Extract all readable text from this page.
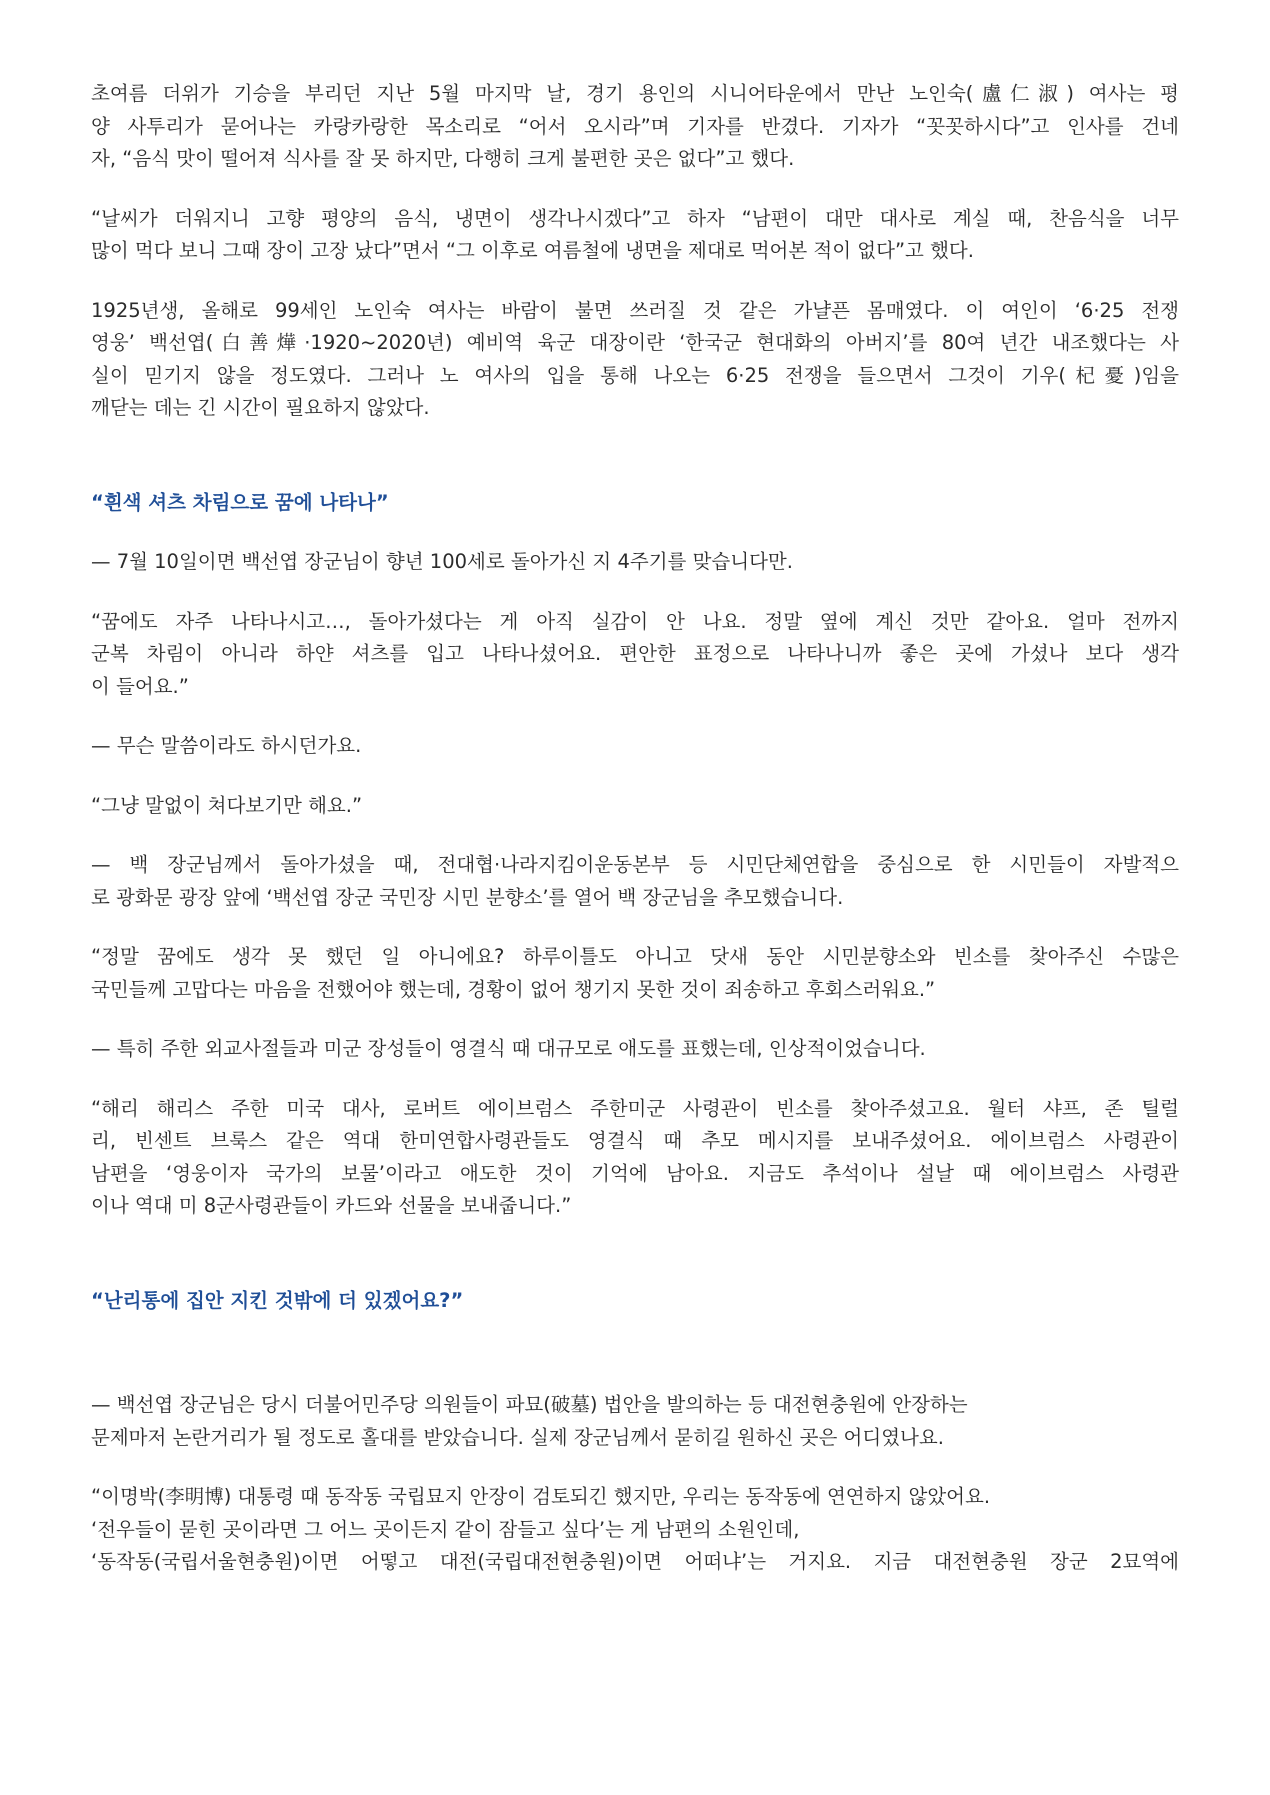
초여름 더위가 기승을 부리던 지난 5월 마지막 날, 경기 용인의 시니어타운에서 만난 노인숙(盧仁淑) 여사는 평
양 사투리가 묻어나는 카랑카랑한 목소리로 “어서 오시라”며 기자를 반겼다. 기자가 “꼿꼿하시다”고 인사를 건네
자, “음식 맛이 떨어져 식사를 잘 못 하지만, 다행히 크게 불편한 곳은 없다”고 했다.
“날씨가 더워지니 고향 평양의 음식, 냉면이 생각나시겠다”고 하자 “남편이 대만 대사로 계실 때, 찬음식을 너무
많이 먹다 보니 그때 장이 고장 났다”면서 “그 이후로 여름철에 냉면을 제대로 먹어본 적이 없다”고 했다.
1925년생, 올해로 99세인 노인숙 여사는 바람이 불면 쓰러질 것 같은 가냘픈 몸매였다. 이 여인이 ‘6·25 전쟁
영웅’ 백선엽(白善燁·1920~2020년) 예비역 육군 대장이란 ‘한국군 현대화의 아버지’를 80여 년간 내조했다는 사
실이 믿기지 않을 정도였다. 그러나 노 여사의 입을 통해 나오는 6·25 전쟁을 들으면서 그것이 기우(杞憂)임을
깨닫는 데는 긴 시간이 필요하지 않았다.
“흰색 셔츠 차림으로 꿈에 나타나”
— 7월 10일이면 백선엽 장군님이 향년 100세로 돌아가신 지 4주기를 맞습니다만.
“꿈에도 자주 나타나시고…, 돌아가셨다는 게 아직 실감이 안 나요. 정말 옆에 계신 것만 같아요. 얼마 전까지
군복 차림이 아니라 하얀 셔츠를 입고 나타나셨어요. 편안한 표정으로 나타나니까 좋은 곳에 가셨나 보다 생각
이 들어요.”
— 무슨 말씀이라도 하시던가요.
“그냥 말없이 쳐다보기만 해요.”
— 백 장군님께서 돌아가셨을 때, 전대협·나라지킴이운동본부 등 시민단체연합을 중심으로 한 시민들이 자발적으
로 광화문 광장 앞에 ‘백선엽 장군 국민장 시민 분향소’를 열어 백 장군님을 추모했습니다.
“정말 꿈에도 생각 못 했던 일 아니에요? 하루이틀도 아니고 닷새 동안 시민분향소와 빈소를 찾아주신 수많은
국민들께 고맙다는 마음을 전했어야 했는데, 경황이 없어 챙기지 못한 것이 죄송하고 후회스러워요.”
— 특히 주한 외교사절들과 미군 장성들이 영결식 때 대규모로 애도를 표했는데, 인상적이었습니다.
“해리 해리스 주한 미국 대사, 로버트 에이브럼스 주한미군 사령관이 빈소를 찾아주셨고요. 월터 샤프, 존 틸럴
리, 빈센트 브룩스 같은 역대 한미연합사령관들도 영결식 때 추모 메시지를 보내주셨어요. 에이브럼스 사령관이
남편을 ‘영웅이자 국가의 보물’이라고 애도한 것이 기억에 남아요. 지금도 추석이나 설날 때 에이브럼스 사령관
이나 역대 미 8군사령관들이 카드와 선물을 보내줍니다.”
“난리통에 집안 지킨 것밖에 더 있겠어요?”
— 백선엽 장군님은 당시 더불어민주당 의원들이 파묘(破墓) 법안을 발의하는 등 대전현충원에 안장하는
문제마저 논란거리가 될 정도로 홀대를 받았습니다. 실제 장군님께서 묻히길 원하신 곳은 어디였나요.
“이명박(李明博) 대통령 때 동작동 국립묘지 안장이 검토되긴 했지만, 우리는 동작동에 연연하지 않았어요.
‘전우들이 묻힌 곳이라면 그 어느 곳이든지 같이 잠들고 싶다’는 게 남편의 소원인데,
‘동작동(국립서울현충원)이면 어떻고 대전(국립대전현충원)이면 어떠냐’는 거지요. 지금 대전현충원 장군 2묘역에
